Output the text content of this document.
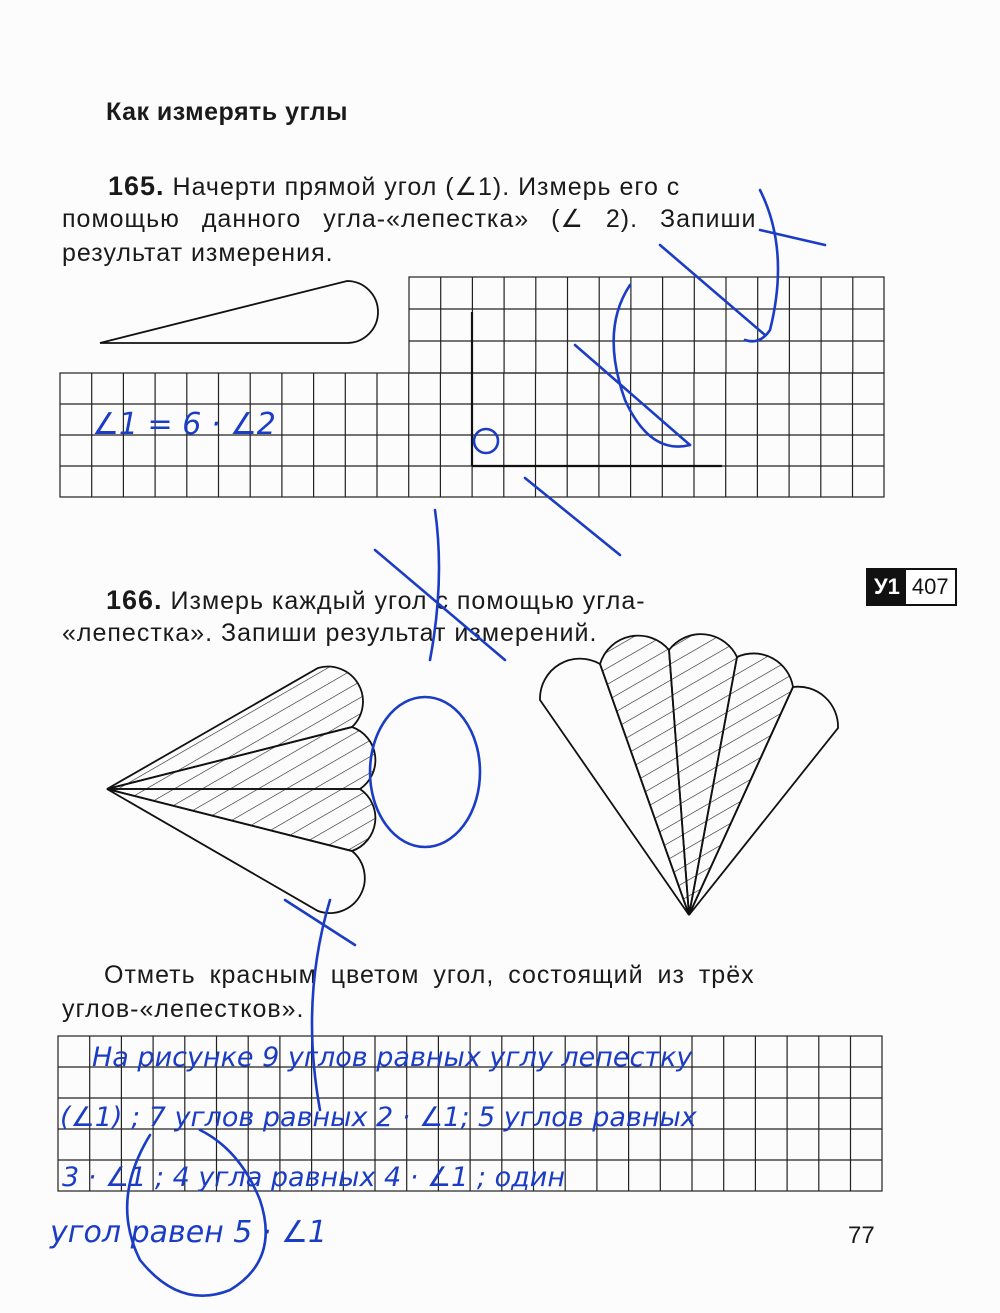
Как измерять углы
165. Начерти прямой угол (∠1). Измерь его с
помощью данного угла-«лепестка» (∠ 2). Запиши
результат измерения.
166. Измерь каждый угол с помощью угла-
«лепестка». Запиши результат измерений.
У1 407
Отметь красным цветом угол, состоящий из трёх
углов-«лепестков».
77
∠1 = 6 · ∠2
На рисунке 9 углов равных углу лепестку
(∠1) ; 7 углов равных 2 · ∠1; 5 углов равных
3 · ∠1 ; 4 угла равных 4 · ∠1 ; один
угол равен 5 · ∠1
